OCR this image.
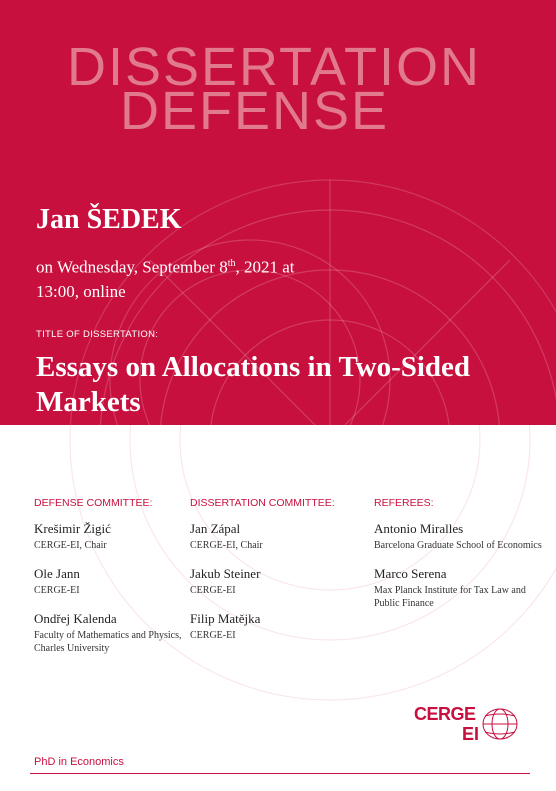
DISSERTATION
DEFENSE
Jan ŠEDEK
on Wednesday, September 8th, 2021 at
13:00, online
TITLE OF DISSERTATION:
Essays on Allocations in Two-Sided Markets
DEFENSE COMMITTEE:
Krešimir Žigić
CERGE-EI, Chair
Ole Jann
CERGE-EI
Ondřej Kalenda
Faculty of Mathematics and Physics, Charles University
DISSERTATION COMMITTEE:
Jan Zápal
CERGE-EI, Chair
Jakub Steiner
CERGE-EI
Filip Matějka
CERGE-EI
REFEREES:
Antonio Miralles
Barcelona Graduate School of Economics
Marco Serena
Max Planck Institute for Tax Law and Public Finance
CERGE
EI
PhD in Economics
